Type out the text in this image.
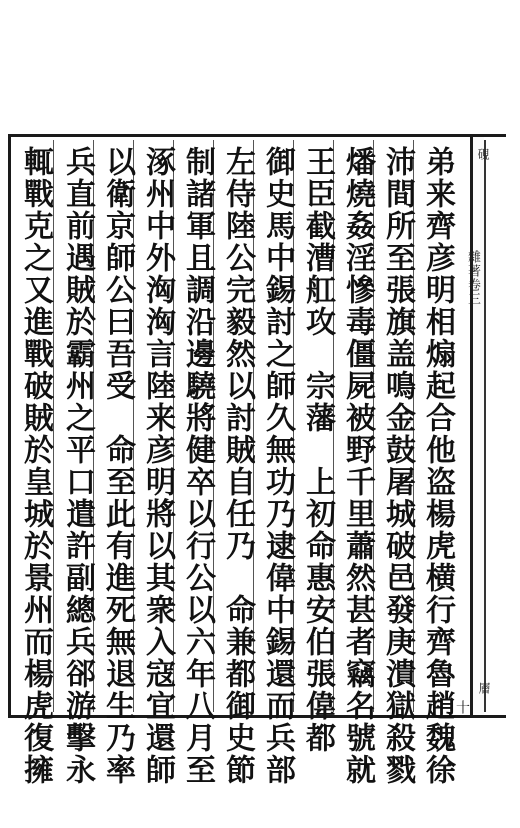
弟来齊彦明相煽起合他盗楊虎横行齊魯趙魏徐
沛間所至張旗盖鳴金鼓屠城破邑發庚潰獄殺戮
燔燒姦淫慘毒僵屍被野千里蕭然甚者竊名號就
王臣截漕舡攻　宗藩　上初命惠安伯張偉都
御史馬中錫討之師久無功乃逮偉中錫還而兵部
左侍陸公完毅然以討賊自任乃　命兼都御史節
制諸軍且調沿邊驍將健卒以行公以六年八月至
涿州中外洶洶言陸来彦明將以其衆入寇宜還師
以衛京師公曰吾受　命至此有進死無退生乃率
兵直前遇賊於霸州之平口遣許副總兵郤游擊永
輒戰克之又進戰破賊於皇城於景州而楊虎復擁	雜著卷三
十
硯
層
